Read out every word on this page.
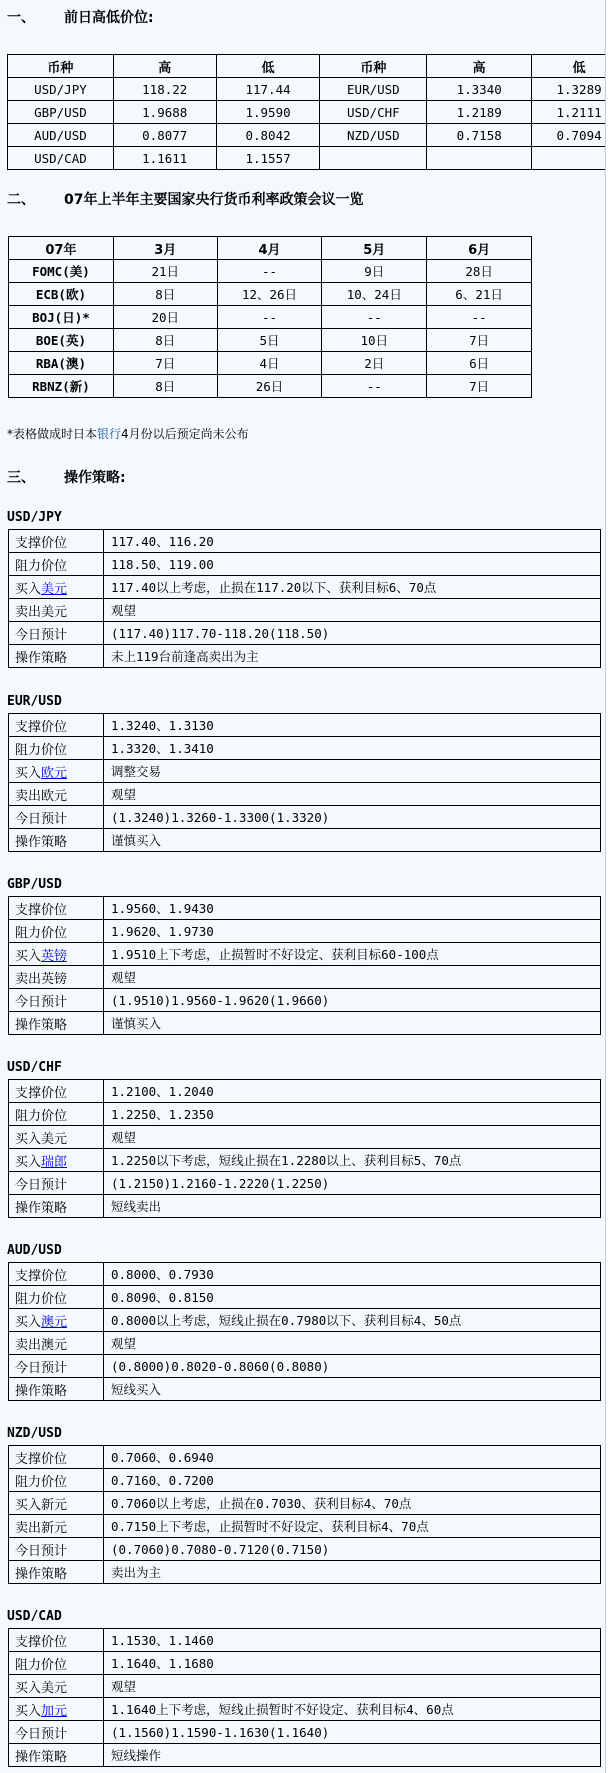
一、 前日高低价位:
币种	高	低	币种	高	低
USD/JPY	118.22	117.44	EUR/USD	1.3340	1.3289
GBP/USD	1.9688	1.9590	USD/CHF	1.2189	1.2111
AUD/USD	0.8077	0.8042	NZD/USD	0.7158	0.7094
USD/CAD	1.1611	1.1557			
二、 07年上半年主要国家央行货币利率政策会议一览
07年	3月	4月	5月	6月
FOMC(美)	21日	--	9日	28日
ECB(欧)	8日	12、26日	10、24日	6、21日
BOJ(日)*	20日	--	--	--
BOE(英)	8日	5日	10日	7日
RBA(澳)	7日	4日	2日	6日
RBNZ(新)	8日	26日	--	7日
*表格做成时日本银行4月份以后预定尚未公布
三、 操作策略:
USD/JPY
支撑价位	117.40、116.20
阻力价位	118.50、119.00
买入美元	117.40以上考虑，止损在117.20以下、获利目标6、70点
卖出美元	观望
今日预计	(117.40)117.70-118.20(118.50)
操作策略	未上119台前逢高卖出为主
EUR/USD
支撑价位	1.3240、1.3130
阻力价位	1.3320、1.3410
买入欧元	调整交易
卖出欧元	观望
今日预计	(1.3240)1.3260-1.3300(1.3320)
操作策略	谨慎买入
GBP/USD
支撑价位	1.9560、1.9430
阻力价位	1.9620、1.9730
买入英镑	1.9510上下考虑，止损暂时不好设定、获利目标60-100点
卖出英镑	观望
今日预计	(1.9510)1.9560-1.9620(1.9660)
操作策略	谨慎买入
USD/CHF
支撑价位	1.2100、1.2040
阻力价位	1.2250、1.2350
买入美元	观望
买入瑞郎	1.2250以下考虑，短线止损在1.2280以上、获利目标5、70点
今日预计	(1.2150)1.2160-1.2220(1.2250)
操作策略	短线卖出
AUD/USD
支撑价位	0.8000、0.7930
阻力价位	0.8090、0.8150
买入澳元	0.8000以上考虑，短线止损在0.7980以下、获利目标4、50点
卖出澳元	观望
今日预计	(0.8000)0.8020-0.8060(0.8080)
操作策略	短线买入
NZD/USD
支撑价位	0.7060、0.6940
阻力价位	0.7160、0.7200
买入新元	0.7060以上考虑，止损在0.7030、获利目标4、70点
卖出新元	0.7150上下考虑，止损暂时不好设定、获利目标4、70点
今日预计	(0.7060)0.7080-0.7120(0.7150)
操作策略	卖出为主
USD/CAD
支撑价位	1.1530、1.1460
阻力价位	1.1640、1.1680
买入美元	观望
买入加元	1.1640上下考虑，短线止损暂时不好设定、获利目标4、60点
今日预计	(1.1560)1.1590-1.1630(1.1640)
操作策略	短线操作
